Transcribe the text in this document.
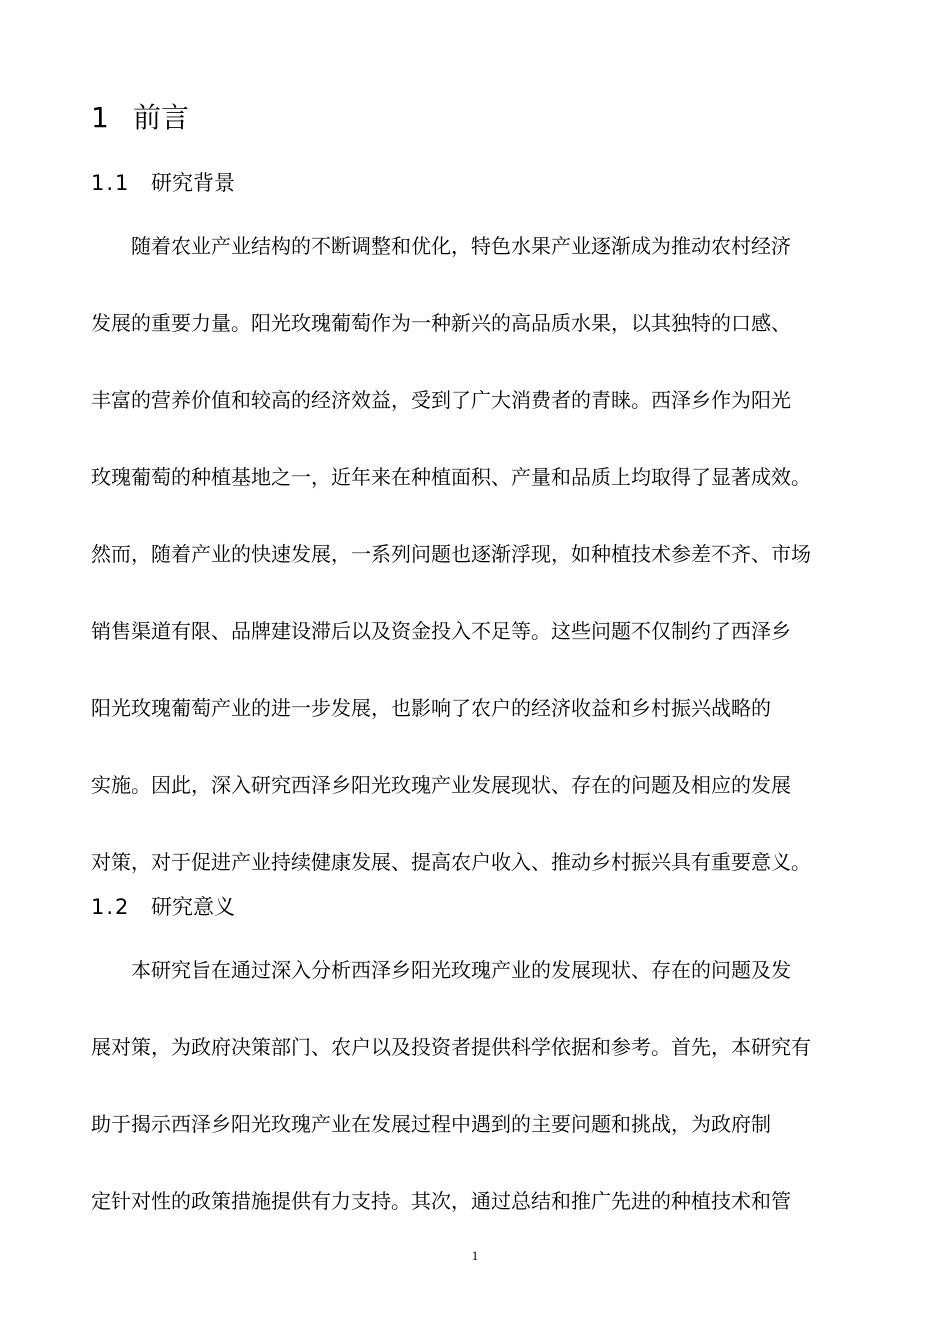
1 前言
1.1 研究背景
随着农业产业结构的不断调整和优化，特色水果产业逐渐成为推动农村经济
发展的重要力量。阳光玫瑰葡萄作为一种新兴的高品质水果，以其独特的口感、
丰富的营养价值和较高的经济效益，受到了广大消费者的青睐。西泽乡作为阳光
玫瑰葡萄的种植基地之一，近年来在种植面积、产量和品质上均取得了显著成效。
然而，随着产业的快速发展，一系列问题也逐渐浮现，如种植技术参差不齐、市场
销售渠道有限、品牌建设滞后以及资金投入不足等。这些问题不仅制约了西泽乡
阳光玫瑰葡萄产业的进一步发展，也影响了农户的经济收益和乡村振兴战略的
实施。因此，深入研究西泽乡阳光玫瑰产业发展现状、存在的问题及相应的发展
对策，对于促进产业持续健康发展、提高农户收入、推动乡村振兴具有重要意义。
1.2 研究意义
本研究旨在通过深入分析西泽乡阳光玫瑰产业的发展现状、存在的问题及发
展对策，为政府决策部门、农户以及投资者提供科学依据和参考。首先，本研究有
助于揭示西泽乡阳光玫瑰产业在发展过程中遇到的主要问题和挑战，为政府制
定针对性的政策措施提供有力支持。其次，通过总结和推广先进的种植技术和管
1
